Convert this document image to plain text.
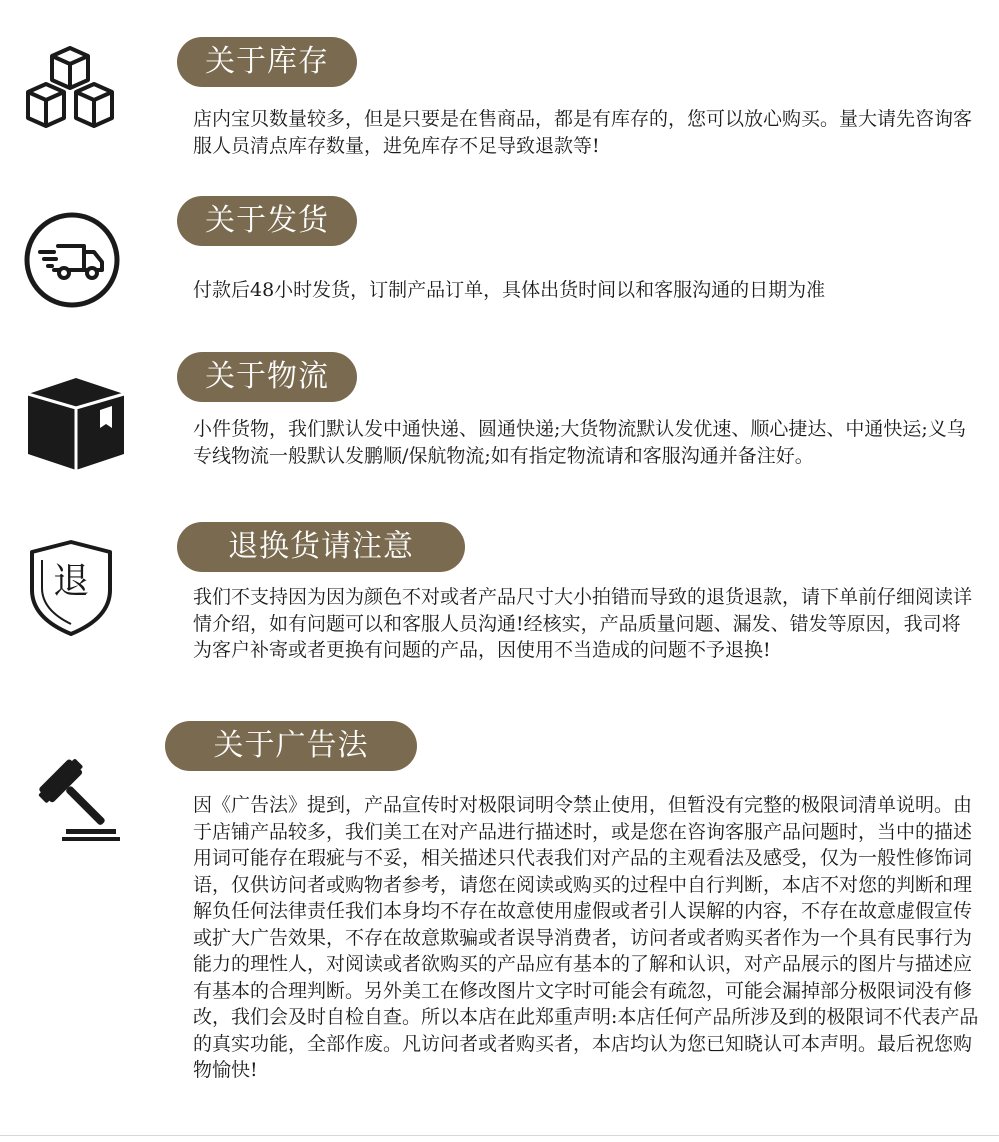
关于库存

店内宝贝数量较多，但是只要是在售商品，都是有库存的，您可以放心购买。量大请先咨询客服人员清点库存数量，进免库存不足导致退款等!

关于发货

付款后48小时发货，订制产品订单，具体出货时间以和客服沟通的日期为准

关于物流

小件货物，我们默认发中通快递、圆通快递;大货物流默认发优速、顺心捷达、中通快运;义乌专线物流一般默认发鹏顺/保航物流;如有指定物流请和客服沟通并备注好。

退
退换货请注意

我们不支持因为因为颜色不对或者产品尺寸大小拍错而导致的退货退款，请下单前仔细阅读详情介绍，如有问题可以和客服人员沟通!经核实，产品质量问题、漏发、错发等原因，我司将为客户补寄或者更换有问题的产品，因使用不当造成的问题不予退换!

关于广告法

因《广告法》提到，产品宣传时对极限词明令禁止使用，但暂没有完整的极限词清单说明。由于店铺产品较多，我们美工在对产品进行描述时，或是您在咨询客服产品问题时，当中的描述用词可能存在瑕疵与不妥，相关描述只代表我们对产品的主观看法及感受，仅为一般性修饰词语，仅供访问者或购物者参考，请您在阅读或购买的过程中自行判断，本店不对您的判断和理解负任何法律责任我们本身均不存在故意使用虚假或者引人误解的内容，不存在故意虚假宣传或扩大广告效果，不存在故意欺骗或者误导消费者，访问者或者购买者作为一个具有民事行为能力的理性人，对阅读或者欲购买的产品应有基本的了解和认识，对产品展示的图片与描述应有基本的合理判断。另外美工在修改图片文字时可能会有疏忽，可能会漏掉部分极限词没有修改，我们会及时自检自查。所以本店在此郑重声明:本店任何产品所涉及到的极限词不代表产品的真实功能，全部作废。凡访问者或者购买者，本店均认为您已知晓认可本声明。最后祝您购物愉快!
